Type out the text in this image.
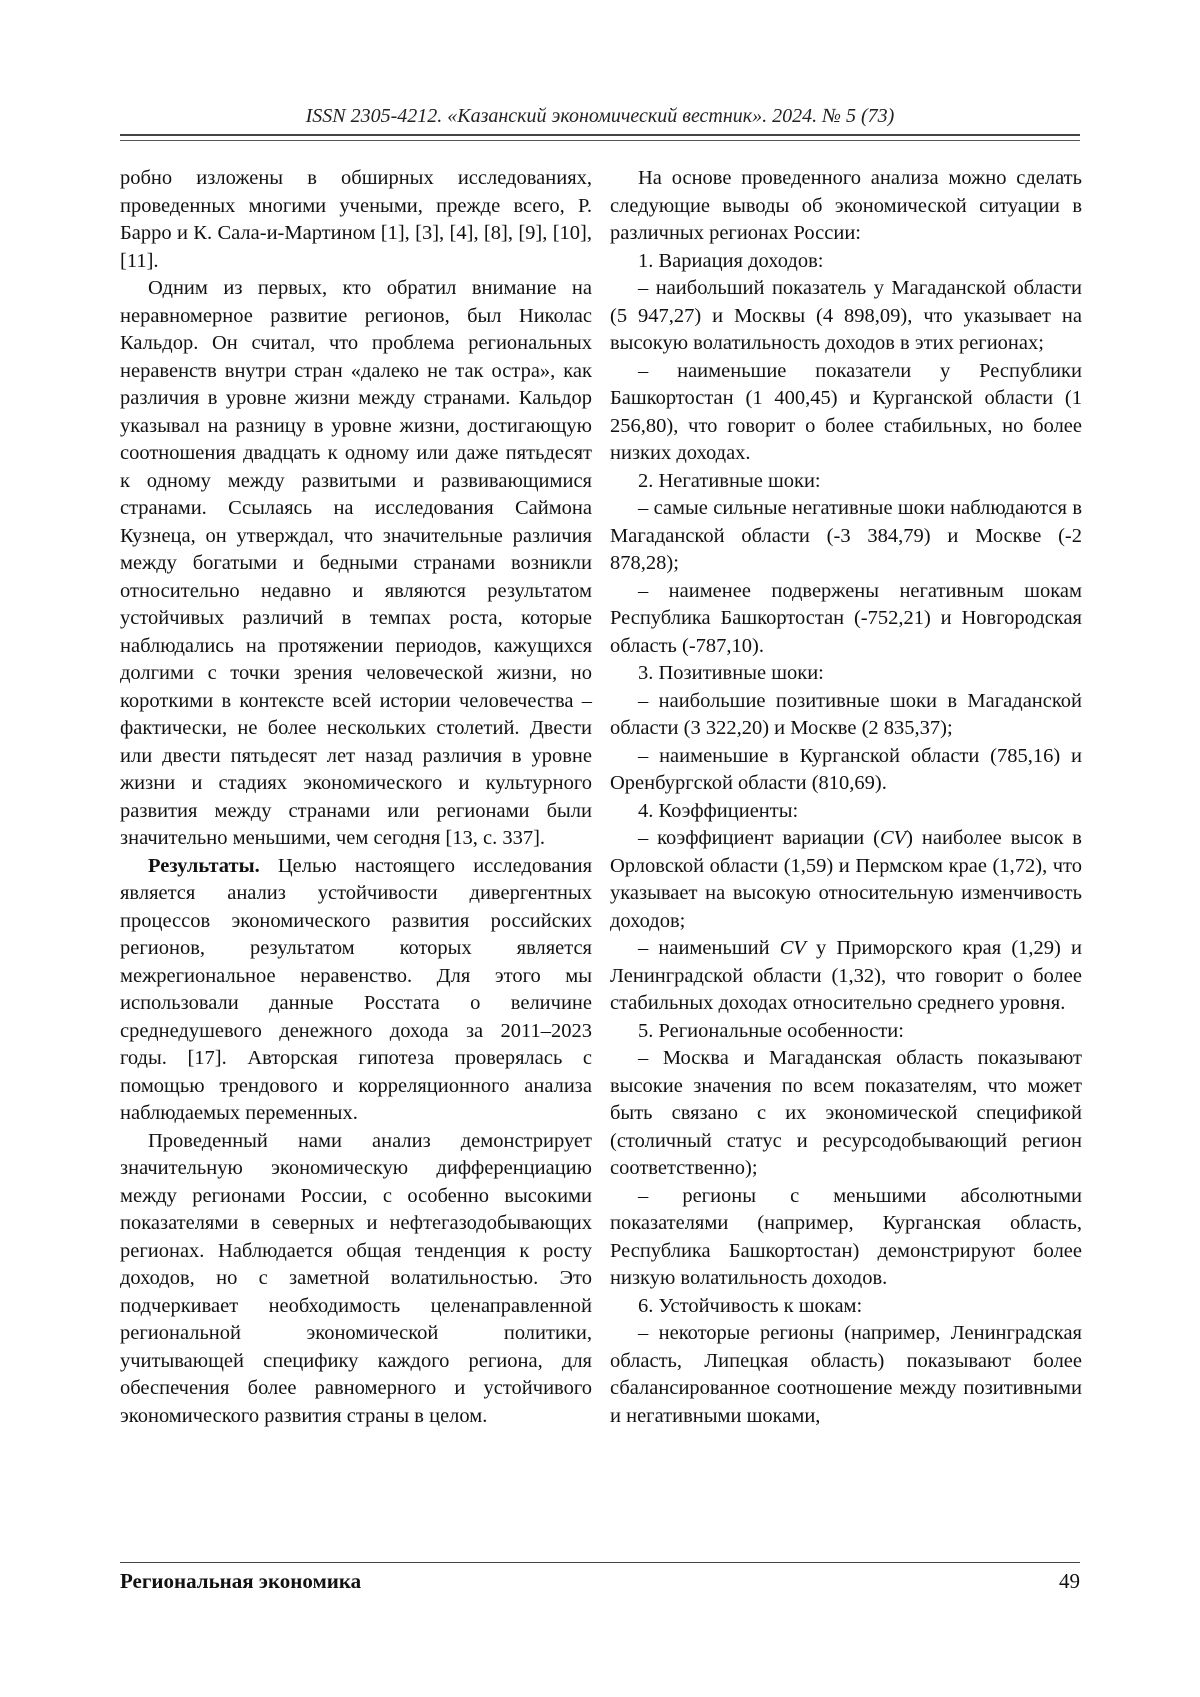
ISSN 2305-4212. «Казанский экономический вестник». 2024. № 5 (73)

робно изложены в обширных исследованиях, проведенных многими учеными, прежде всего, Р. Барро и К. Сала-и-Мартином [1], [3], [4], [8], [9], [10], [11].

Одним из первых, кто обратил внимание на неравномерное развитие регионов, был Николас Кальдор. Он считал, что проблема региональных неравенств внутри стран «далеко не так остра», как различия в уровне жизни между странами. Кальдор указывал на разницу в уровне жизни, достигающую соотношения двадцать к одному или даже пятьдесят к одному между развитыми и развивающимися странами. Ссылаясь на исследования Саймона Кузнеца, он утверждал, что значительные различия между богатыми и бедными странами возникли относительно недавно и являются результатом устойчивых различий в темпах роста, которые наблюдались на протяжении периодов, кажущихся долгими с точки зрения человеческой жизни, но короткими в контексте всей истории человечества – фактически, не более нескольких столетий. Двести или двести пятьдесят лет назад различия в уровне жизни и стадиях экономического и культурного развития между странами или регионами были значительно меньшими, чем сегодня [13, с. 337].

Результаты. Целью настоящего исследования является анализ устойчивости дивергентных процессов экономического развития российских регионов, результатом которых является межрегиональное неравенство. Для этого мы использовали данные Росстата о величине среднедушевого денежного дохода за 2011–2023 годы. [17]. Авторская гипотеза проверялась с помощью трендового и корреляционного анализа наблюдаемых переменных.

Проведенный нами анализ демонстрирует значительную экономическую дифференциацию между регионами России, с особенно высокими показателями в северных и нефтегазодобывающих регионах. Наблюдается общая тенденция к росту доходов, но с заметной волатильностью. Это подчеркивает необходимость целенаправленной региональной экономической политики, учитывающей специфику каждого региона, для обеспечения более равномерного и устойчивого экономического развития страны в целом.

На основе проведенного анализа можно сделать следующие выводы об экономической ситуации в различных регионах России:

1. Вариация доходов:

– наибольший показатель у Магаданской области (5 947,27) и Москвы (4 898,09), что указывает на высокую волатильность доходов в этих регионах;

– наименьшие показатели у Республики Башкортостан (1 400,45) и Курганской области (1 256,80), что говорит о более стабильных, но более низких доходах.

2. Негативные шоки:

– самые сильные негативные шоки наблюдаются в Магаданской области (-3 384,79) и Москве (-2 878,28);

– наименее подвержены негативным шокам Республика Башкортостан (-752,21) и Новгородская область (-787,10).

3. Позитивные шоки:

– наибольшие позитивные шоки в Магаданской области (3 322,20) и Москве (2 835,37);

– наименьшие в Курганской области (785,16) и Оренбургской области (810,69).

4. Коэффициенты:

– коэффициент вариации (CV) наиболее высок в Орловской области (1,59) и Пермском крае (1,72), что указывает на высокую относительную изменчивость доходов;

– наименьший CV у Приморского края (1,29) и Ленинградской области (1,32), что говорит о более стабильных доходах относительно среднего уровня.

5. Региональные особенности:

– Москва и Магаданская область показывают высокие значения по всем показателям, что может быть связано с их экономической спецификой (столичный статус и ресурсодобывающий регион соответственно);

– регионы с меньшими абсолютными показателями (например, Курганская область, Республика Башкортостан) демонстрируют более низкую волатильность доходов.

6. Устойчивость к шокам:

– некоторые регионы (например, Ленинградская область, Липецкая область) показывают более сбалансированное соотношение между позитивными и негативными шоками,

Региональная экономика	49
